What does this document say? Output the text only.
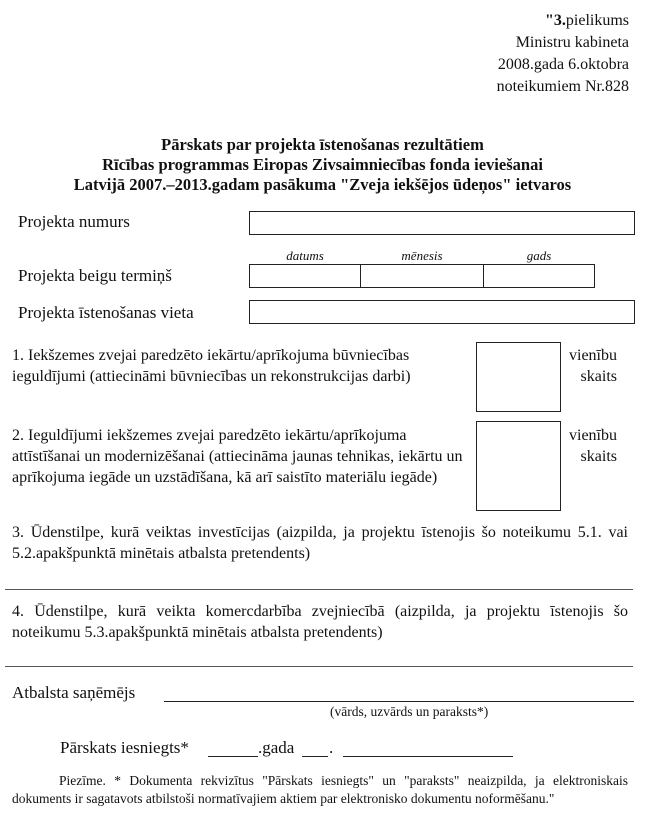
"3.pielikums
Ministru kabineta
2008.gada 6.oktobra
noteikumiem Nr.828
Pārskats par projekta īstenošanas rezultātiem
Rīcības programmas Eiropas Zivsaimniecības fonda ieviešanai
Latvijā 2007.–2013.gadam pasākuma "Zveja iekšējos ūdeņos" ietvaros
Projekta numurs
datums	mēnesis	gads
Projekta beigu termiņš
Projekta īstenošanas vieta
1. Iekšzemes zvejai paredzēto iekārtu/aprīkojuma būvniecības ieguldījumi (attiecināmi būvniecības un rekonstrukcijas darbi)
vienību
skaits
2. Ieguldījumi iekšzemes zvejai paredzēto iekārtu/aprīkojuma attīstīšanai un modernizēšanai (attiecināma jaunas tehnikas, iekārtu un aprīkojuma iegāde un uzstādīšana, kā arī saistīto materiālu iegāde)
vienību
skaits
3. Ūdenstilpe, kurā veiktas investīcijas (aizpilda, ja projektu īstenojis šo noteikumu 5.1. vai 5.2.apakšpunktā minētais atbalsta pretendents)
4. Ūdenstilpe, kurā veikta komercdarbība zvejniecībā (aizpilda, ja projektu īstenojis šo noteikumu 5.3.apakšpunktā minētais atbalsta pretendents)
Atbalsta saņēmējs
(vārds, uzvārds un paraksts*)
Pārskats iesniegts*	.gada .
Piezīme. * Dokumenta rekvizītus "Pārskats iesniegts" un "paraksts" neaizpilda, ja elektroniskais dokuments ir sagatavots atbilstoši normatīvajiem aktiem par elektronisko dokumentu noformēšanu."
